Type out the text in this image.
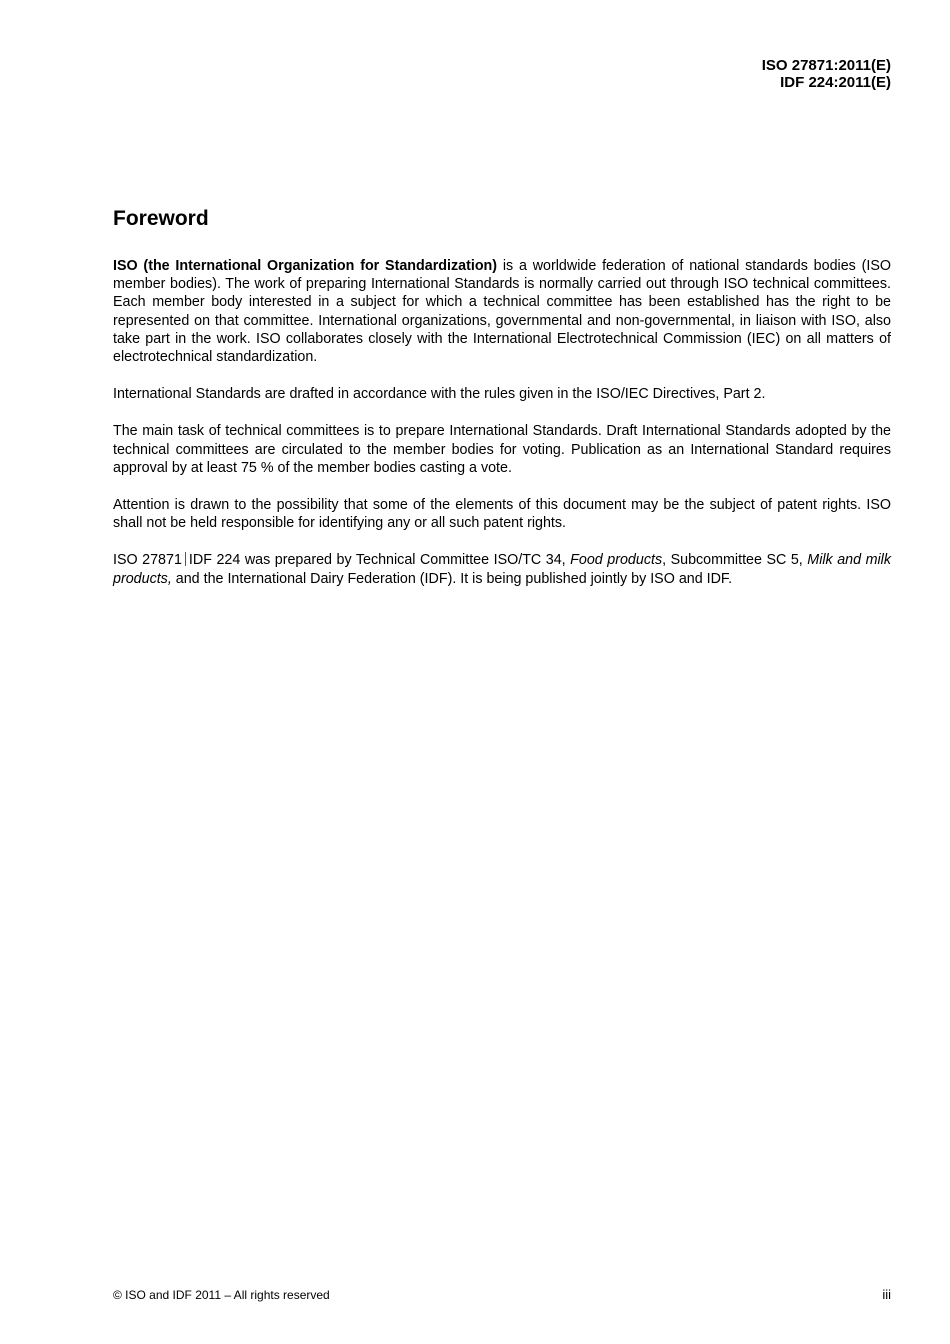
ISO 27871:2011(E)
IDF 224:2011(E)
Foreword

ISO (the International Organization for Standardization) is a worldwide federation of national standards bodies (ISO member bodies). The work of preparing International Standards is normally carried out through ISO technical committees. Each member body interested in a subject for which a technical committee has been established has the right to be represented on that committee. International organizations, governmental and non-governmental, in liaison with ISO, also take part in the work. ISO collaborates closely with the International Electrotechnical Commission (IEC) on all matters of electrotechnical standardization.

International Standards are drafted in accordance with the rules given in the ISO/IEC Directives, Part 2.

The main task of technical committees is to prepare International Standards. Draft International Standards adopted by the technical committees are circulated to the member bodies for voting. Publication as an International Standard requires approval by at least 75 % of the member bodies casting a vote.

Attention is drawn to the possibility that some of the elements of this document may be the subject of patent rights. ISO shall not be held responsible for identifying any or all such patent rights.

ISO 27871 IDF 224 was prepared by Technical Committee ISO/TC 34, Food products, Subcommittee SC 5, Milk and milk products, and the International Dairy Federation (IDF). It is being published jointly by ISO and IDF.

© ISO and IDF 2011 – All rights reserved	iii
